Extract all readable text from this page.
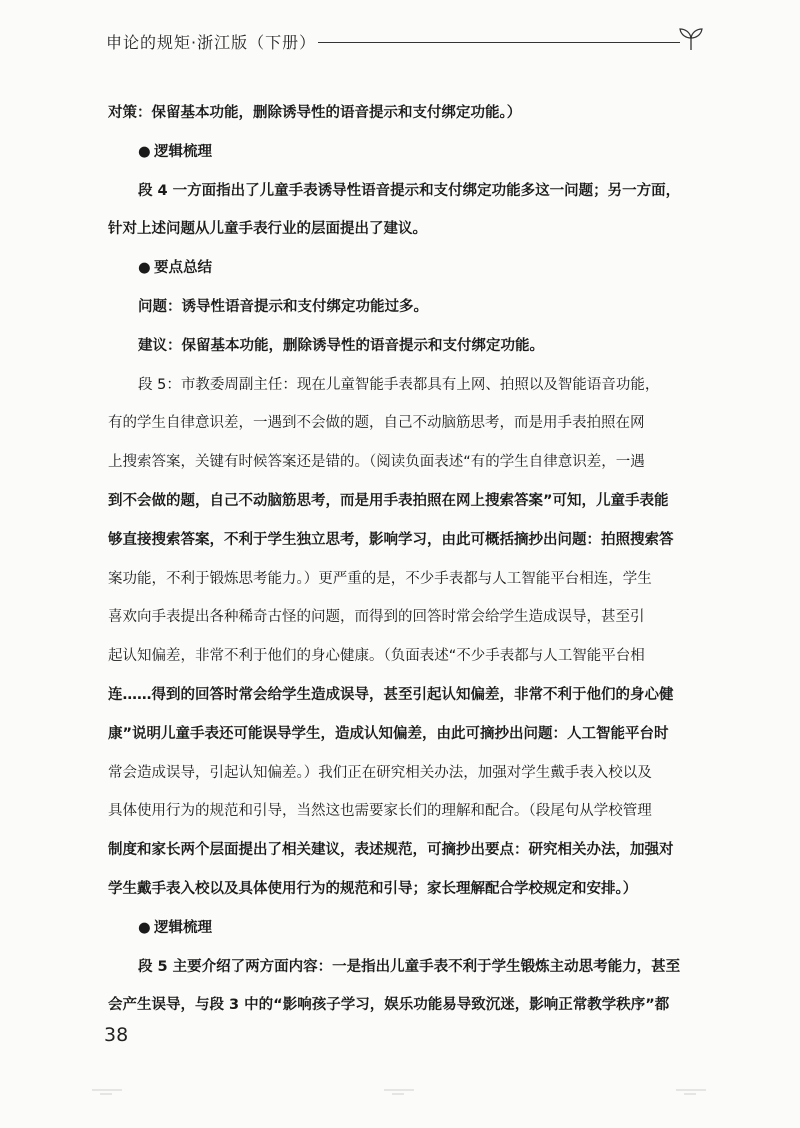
申论的规矩·浙江版（下册）
对策：保留基本功能，删除诱导性的语音提示和支付绑定功能。）
● 逻辑梳理
段 4 一方面指出了儿童手表诱导性语音提示和支付绑定功能多这一问题；另一方面，
针对上述问题从儿童手表行业的层面提出了建议。
● 要点总结
问题：诱导性语音提示和支付绑定功能过多。
建议：保留基本功能，删除诱导性的语音提示和支付绑定功能。
段 5：市教委周副主任：现在儿童智能手表都具有上网、拍照以及智能语音功能，
有的学生自律意识差，一遇到不会做的题，自己不动脑筋思考，而是用手表拍照在网
上搜索答案，关键有时候答案还是错的。（阅读负面表述“有的学生自律意识差，一遇
到不会做的题，自己不动脑筋思考，而是用手表拍照在网上搜索答案”可知，儿童手表能
够直接搜索答案，不利于学生独立思考，影响学习，由此可概括摘抄出问题：拍照搜索答
案功能，不利于锻炼思考能力。）更严重的是，不少手表都与人工智能平台相连，学生
喜欢向手表提出各种稀奇古怪的问题，而得到的回答时常会给学生造成误导，甚至引
起认知偏差，非常不利于他们的身心健康。（负面表述“不少手表都与人工智能平台相
连……得到的回答时常会给学生造成误导，甚至引起认知偏差，非常不利于他们的身心健
康”说明儿童手表还可能误导学生，造成认知偏差，由此可摘抄出问题：人工智能平台时
常会造成误导，引起认知偏差。）我们正在研究相关办法，加强对学生戴手表入校以及
具体使用行为的规范和引导，当然这也需要家长们的理解和配合。（段尾句从学校管理
制度和家长两个层面提出了相关建议，表述规范，可摘抄出要点：研究相关办法，加强对
学生戴手表入校以及具体使用行为的规范和引导；家长理解配合学校规定和安排。）
● 逻辑梳理
段 5 主要介绍了两方面内容：一是指出儿童手表不利于学生锻炼主动思考能力，甚至
会产生误导，与段 3 中的“影响孩子学习，娱乐功能易导致沉迷，影响正常教学秩序”都
38
